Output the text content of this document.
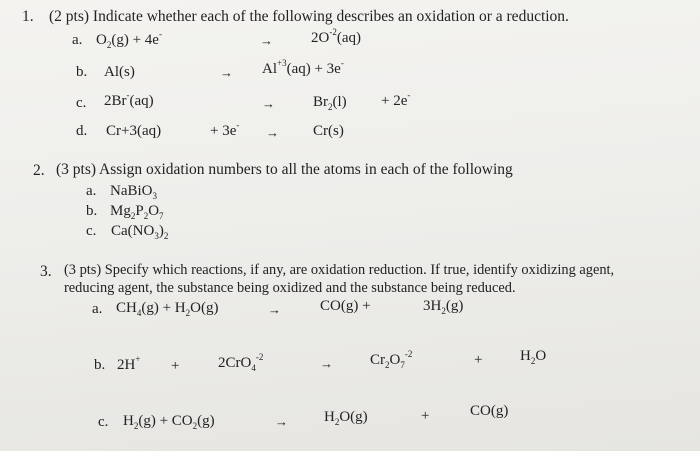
1. (2 pts) Indicate whether each of the following describes an oxidation or a reduction.
a. $O_2(g) + 4e^-$	→	$2O^{-2}(aq)$
b. Al(s)	→ $Al^{+3}(aq) + 3e^-$
c. 2Br-(aq)	→	$Br_2(l) + 2e^-$
d. Cr+3(aq)	+ 3e- → Cr(s)
2. (3 pts) Assign oxidation numbers to all the atoms in each of the following
a. NaBiO$_3$
b. $Mg_2P_2O_7$
c. $Ca(NO_3)_2$
3. (3 pts) Specify which reactions, if any, are oxidation reduction. If true, identify oxidizing agent,
reducing agent, the substance being oxidized and the substance being reduced.
a. $CH_4(g) + H_2O(g)$	→	CO(g) +	$3H_2(g)$
b. 2H+ +	2CrO$_4^{-2}$	→ $Cr_2O_7^{-2}$	+	$H_2O$
c. $H_2(g) + CO_2(g)$	→ $H_2O(g)$	+	CO(g)
